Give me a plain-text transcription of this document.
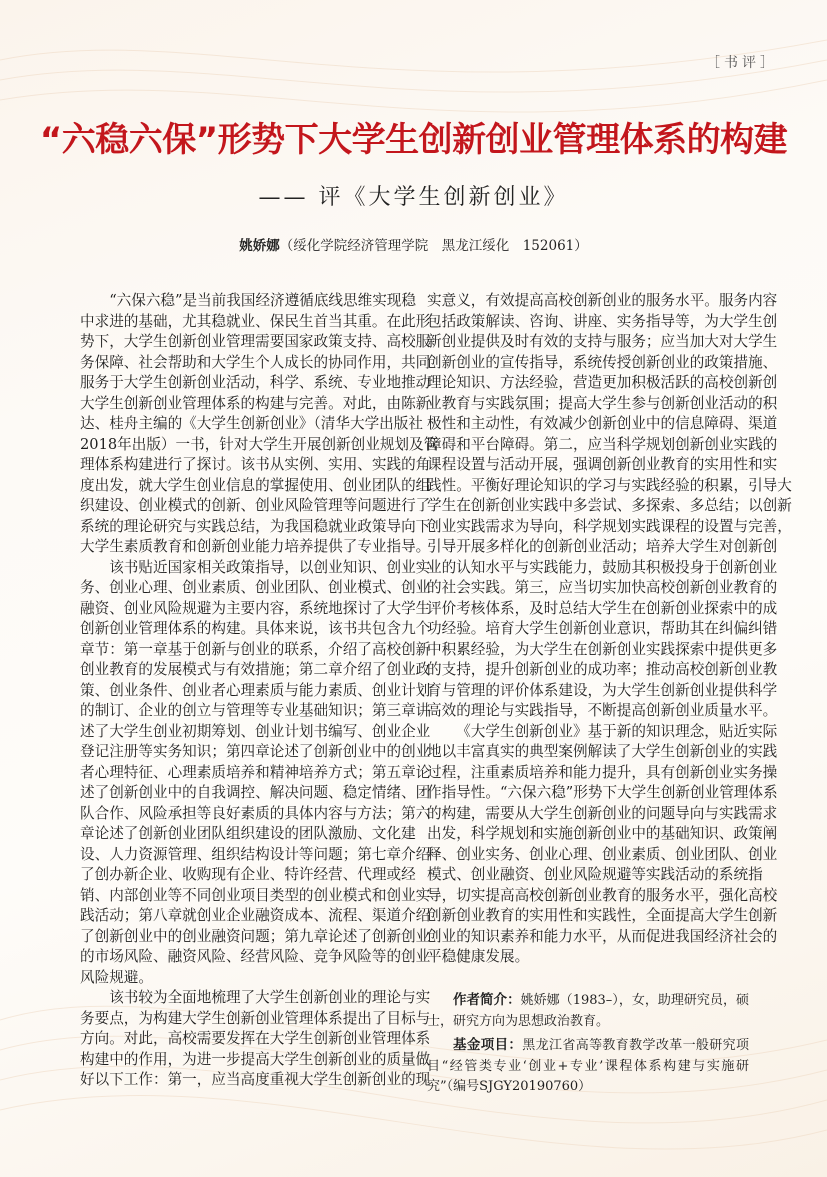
［书评］
“六稳六保”形势下大学生创新创业管理体系的构建
—— 评《大学生创新创业》
姚娇娜（绥化学院经济管理学院　黑龙江绥化　152061）
“六保六稳”是当前我国经济遵循底线思维实现稳
中求进的基础，尤其稳就业、保民生首当其重。在此形
势下，大学生创新创业管理需要国家政策支持、高校服
务保障、社会帮助和大学生个人成长的协同作用，共同
服务于大学生创新创业活动，科学、系统、专业地推动
大学生创新创业管理体系的构建与完善。对此，由陈新
达、桂舟主编的《大学生创新创业》（清华大学出版社
2018年出版）一书，针对大学生开展创新创业规划及管
理体系构建进行了探讨。该书从实例、实用、实践的角
度出发，就大学生创业信息的掌握使用、创业团队的组
织建设、创业模式的创新、创业风险管理等问题进行了
系统的理论研究与实践总结，为我国稳就业政策导向下
大学生素质教育和创新创业能力培养提供了专业指导。
该书贴近国家相关政策指导，以创业知识、创业实
务、创业心理、创业素质、创业团队、创业模式、创业
融资、创业风险规避为主要内容，系统地探讨了大学生
创新创业管理体系的构建。具体来说，该书共包含九个
章节：第一章基于创新与创业的联系，介绍了高校创新
创业教育的发展模式与有效措施；第二章介绍了创业政
策、创业条件、创业者心理素质与能力素质、创业计划
的制订、企业的创立与管理等专业基础知识；第三章讲
述了大学生创业初期筹划、创业计划书编写、创业企业
登记注册等实务知识；第四章论述了创新创业中的创业
者心理特征、心理素质培养和精神培养方式；第五章论
述了创新创业中的自我调控、解决问题、稳定情绪、团
队合作、风险承担等良好素质的具体内容与方法；第六
章论述了创新创业团队组织建设的团队激励、文化建
设、人力资源管理、组织结构设计等问题；第七章介绍
了创办新企业、收购现有企业、特许经营、代理或经
销、内部创业等不同创业项目类型的创业模式和创业实
践活动；第八章就创业企业融资成本、流程、渠道介绍
了创新创业中的创业融资问题；第九章论述了创新创业
的市场风险、融资风险、经营风险、竞争风险等的创业
风险规避。
该书较为全面地梳理了大学生创新创业的理论与实
务要点，为构建大学生创新创业管理体系提出了目标与
方向。对此，高校需要发挥在大学生创新创业管理体系
构建中的作用，为进一步提高大学生创新创业的质量做
好以下工作：第一，应当高度重视大学生创新创业的现
实意义，有效提高高校创新创业的服务水平。服务内容
包括政策解读、咨询、讲座、实务指导等，为大学生创
新创业提供及时有效的支持与服务；应当加大对大学生
创新创业的宣传指导，系统传授创新创业的政策措施、
理论知识、方法经验，营造更加积极活跃的高校创新创
业教育与实践氛围；提高大学生参与创新创业活动的积
极性和主动性，有效减少创新创业中的信息障碍、渠道
障碍和平台障碍。第二，应当科学规划创新创业实践的
课程设置与活动开展，强调创新创业教育的实用性和实
践性。平衡好理论知识的学习与实践经验的积累，引导大
学生在创新创业实践中多尝试、多探索、多总结；以创新
创业实践需求为导向，科学规划实践课程的设置与完善，
引导开展多样化的创新创业活动；培养大学生对创新创
业的认知水平与实践能力，鼓励其积极投身于创新创业
的社会实践。第三，应当切实加快高校创新创业教育的
评价考核体系，及时总结大学生在创新创业探索中的成
功经验。培育大学生创新创业意识，帮助其在纠偏纠错
中积累经验，为大学生在创新创业实践探索中提供更多
的支持，提升创新创业的成功率；推动高校创新创业教
育与管理的评价体系建设，为大学生创新创业提供科学
高效的理论与实践指导，不断提高创新创业质量水平。
《大学生创新创业》基于新的知识理念，贴近实际
地以丰富真实的典型案例解读了大学生创新创业的实践
过程，注重素质培养和能力提升，具有创新创业实务操
作指导性。“六保六稳”形势下大学生创新创业管理体系
的构建，需要从大学生创新创业的问题导向与实践需求
出发，科学规划和实施创新创业中的基础知识、政策阐
释、创业实务、创业心理、创业素质、创业团队、创业
模式、创业融资、创业风险规避等实践活动的系统指
导，切实提高高校创新创业教育的服务水平，强化高校
创新创业教育的实用性和实践性，全面提高大学生创新
创业的知识素养和能力水平，从而促进我国经济社会的
平稳健康发展。
作者简介：姚娇娜（1983–），女，助理研究员，硕
士，研究方向为思想政治教育。
基金项目：黑龙江省高等教育教学改革一般研究项
目“经管类专业‘创业+专业’课程体系构建与实施研
究”（编号SJGY20190760）
